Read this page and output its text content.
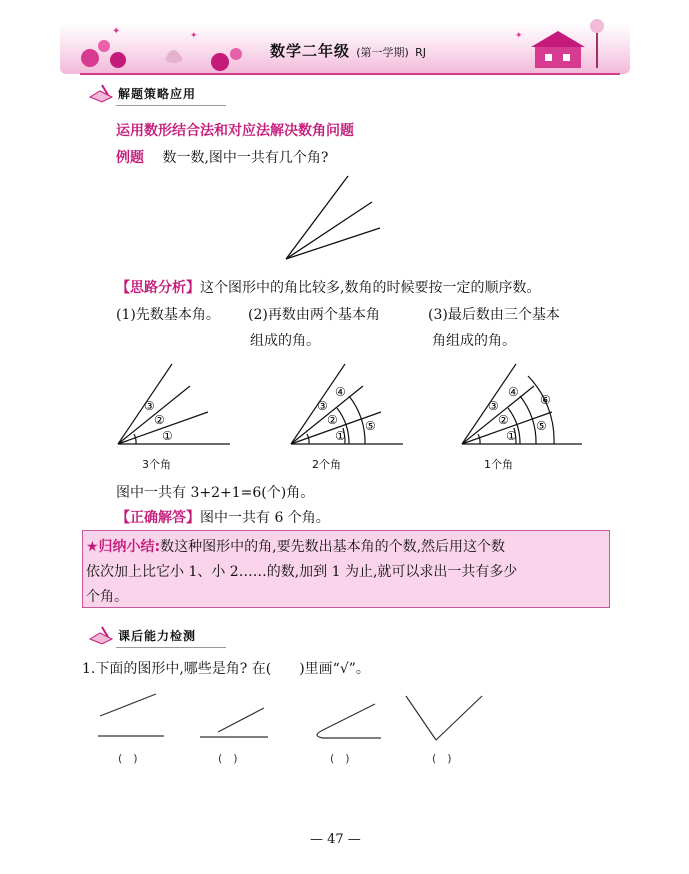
✦	✦	✦
数学二年级 (第一学期) RJ
解题策略应用
运用数形结合法和对应法解决数角问题
例题 数一数,图中一共有几个角?
【思路分析】这个图形中的角比较多,数角的时候要按一定的顺序数。
(1)先数基本角。 (2)再数由两个基本角
组成的角。
(3)最后数由三个基本
角组成的角。
①
②
③
3个角
①
②
③
④
⑤
2个角
①
②
③
④
⑤
⑥
1个角
图中一共有 3+2+1=6(个)角。
【正确解答】图中一共有 6 个角。
★归纳小结:数这种图形中的角,要先数出基本角的个数,然后用这个数
依次加上比它小 1、小 2……的数,加到 1 为止,就可以求出一共有多少
个角。
课后能力检测
1.下面的图形中,哪些是角? 在(　　)里画“√”。
(　)	(　)	(　)	(　)
— 47 —
